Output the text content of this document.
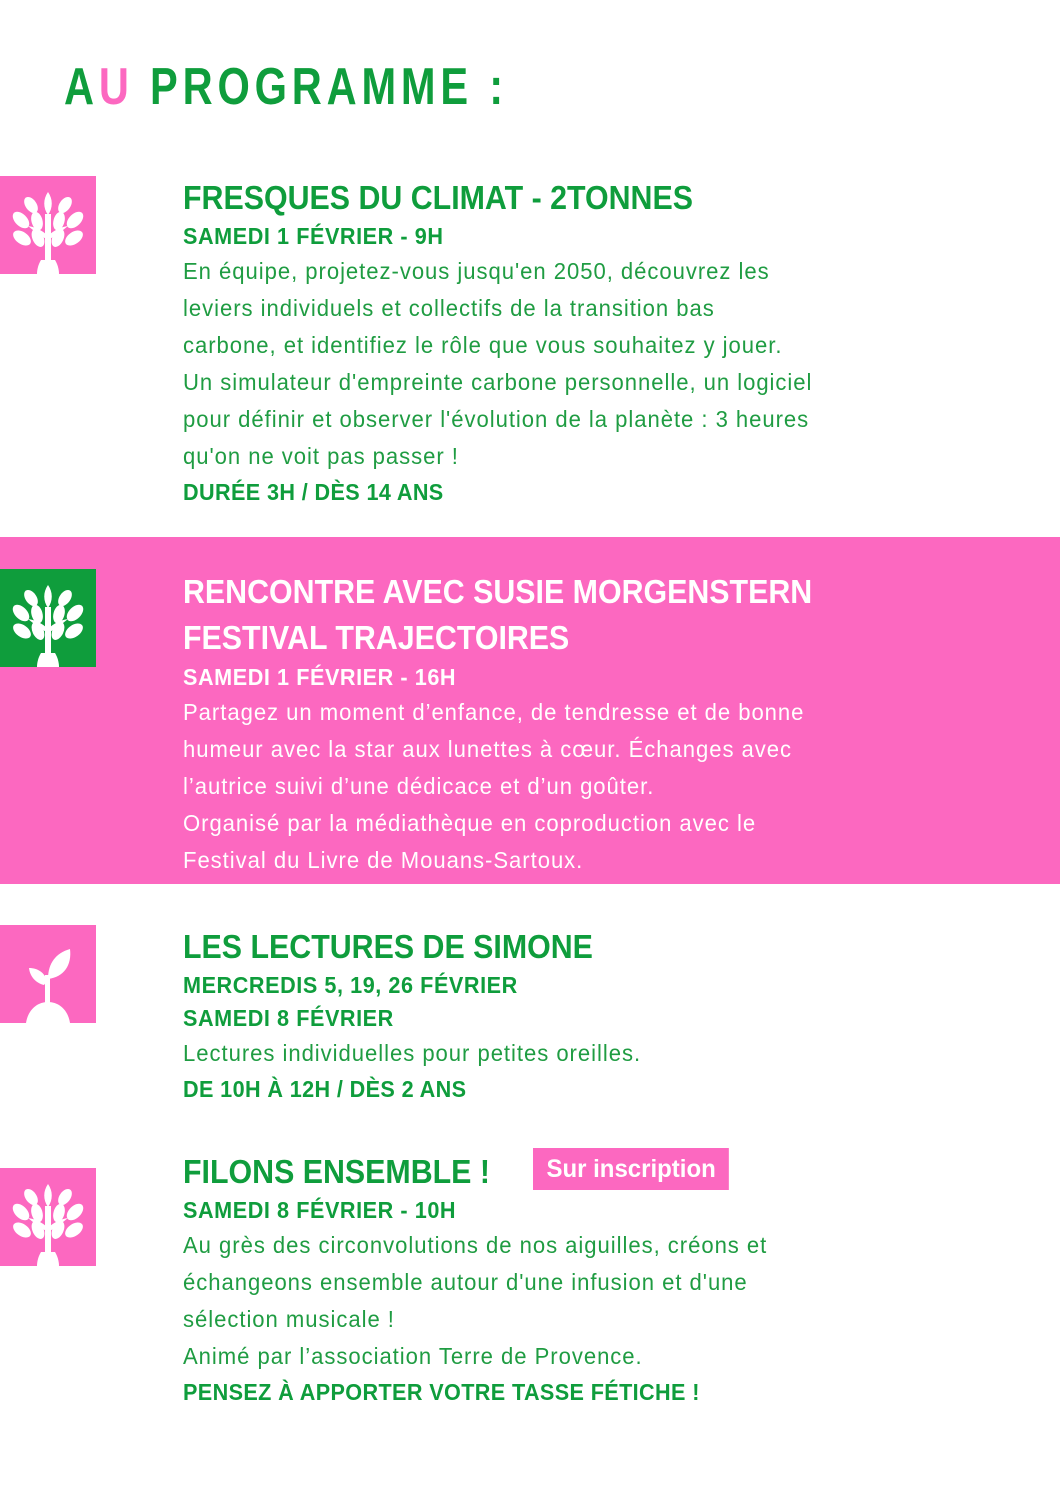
AU PROGRAMME :
FRESQUES DU CLIMAT - 2TONNES
SAMEDI 1 FÉVRIER - 9H
En équipe, projetez-vous jusqu'en 2050, découvrez les
leviers individuels et collectifs de la transition bas
carbone, et identifiez le rôle que vous souhaitez y jouer.
Un simulateur d'empreinte carbone personnelle, un logiciel
pour définir et observer l'évolution de la planète : 3 heures
qu'on ne voit pas passer !
DURÉE 3H / DÈS 14 ANS
RENCONTRE AVEC SUSIE MORGENSTERN
FESTIVAL TRAJECTOIRES
SAMEDI 1 FÉVRIER - 16H
Partagez un moment d’enfance, de tendresse et de bonne
humeur avec la star aux lunettes à cœur. Échanges avec
l’autrice suivi d’une dédicace et d’un goûter.
Organisé par la médiathèque en coproduction avec le
Festival du Livre de Mouans-Sartoux.
LES LECTURES DE SIMONE
MERCREDIS 5, 19, 26 FÉVRIER
SAMEDI 8 FÉVRIER
Lectures individuelles pour petites oreilles.
DE 10H À 12H / DÈS 2 ANS
FILONS ENSEMBLE !	Sur inscription
SAMEDI 8 FÉVRIER - 10H
Au grès des circonvolutions de nos aiguilles, créons et
échangeons ensemble autour d'une infusion et d'une
sélection musicale !
Animé par l’association Terre de Provence.
PENSEZ À APPORTER VOTRE TASSE FÉTICHE !
